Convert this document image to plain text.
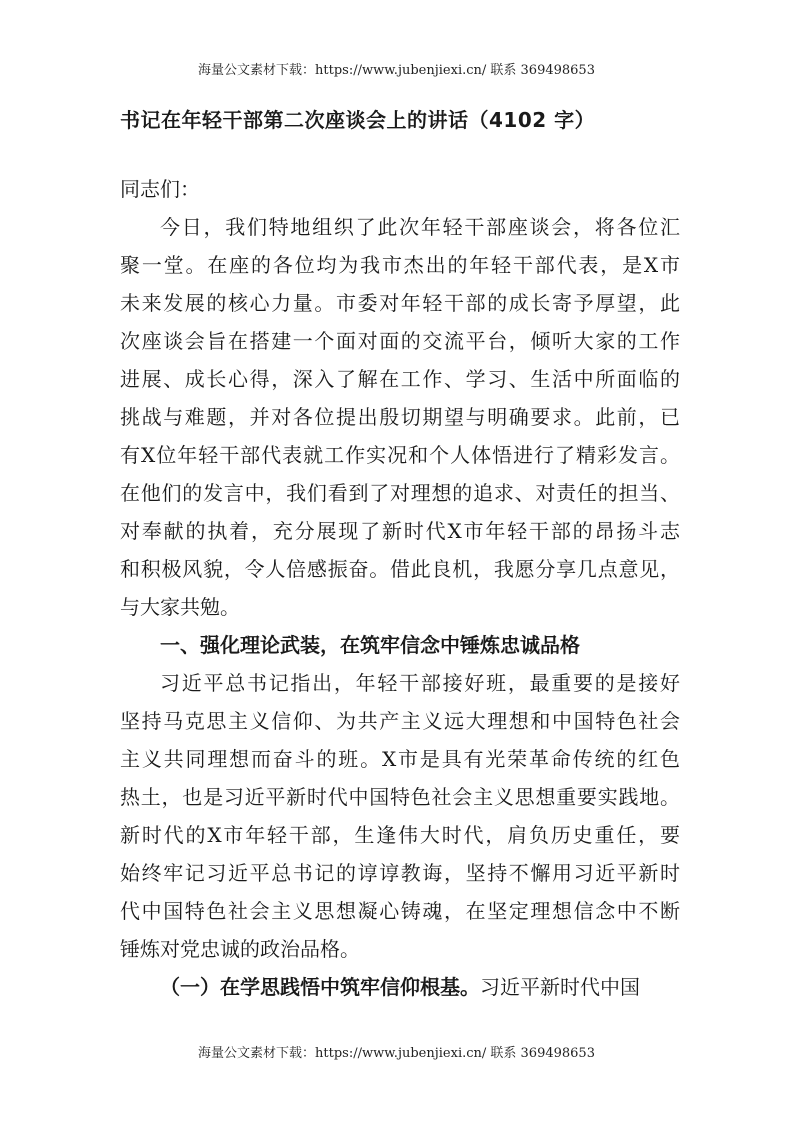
海量公文素材下载：https://www.jubenjiexi.cn/ 联系 369498653
书记在年轻干部第二次座谈会上的讲话（4102 字）
同志们：
今日，我们特地组织了此次年轻干部座谈会，将各位汇
聚一堂。在座的各位均为我市杰出的年轻干部代表，是X市
未来发展的核心力量。市委对年轻干部的成长寄予厚望，此
次座谈会旨在搭建一个面对面的交流平台，倾听大家的工作
进展、成长心得，深入了解在工作、学习、生活中所面临的
挑战与难题，并对各位提出殷切期望与明确要求。此前，已
有X位年轻干部代表就工作实况和个人体悟进行了精彩发言。
在他们的发言中，我们看到了对理想的追求、对责任的担当、
对奉献的执着，充分展现了新时代X市年轻干部的昂扬斗志
和积极风貌，令人倍感振奋。借此良机，我愿分享几点意见，
与大家共勉。
一、强化理论武装，在筑牢信念中锤炼忠诚品格
习近平总书记指出，年轻干部接好班，最重要的是接好
坚持马克思主义信仰、为共产主义远大理想和中国特色社会
主义共同理想而奋斗的班。X市是具有光荣革命传统的红色
热土，也是习近平新时代中国特色社会主义思想重要实践地。
新时代的X市年轻干部，生逢伟大时代，肩负历史重任，要
始终牢记习近平总书记的谆谆教诲，坚持不懈用习近平新时
代中国特色社会主义思想凝心铸魂，在坚定理想信念中不断
锤炼对党忠诚的政治品格。
（一）在学思践悟中筑牢信仰根基。习近平新时代中国
海量公文素材下载：https://www.jubenjiexi.cn/ 联系 369498653
